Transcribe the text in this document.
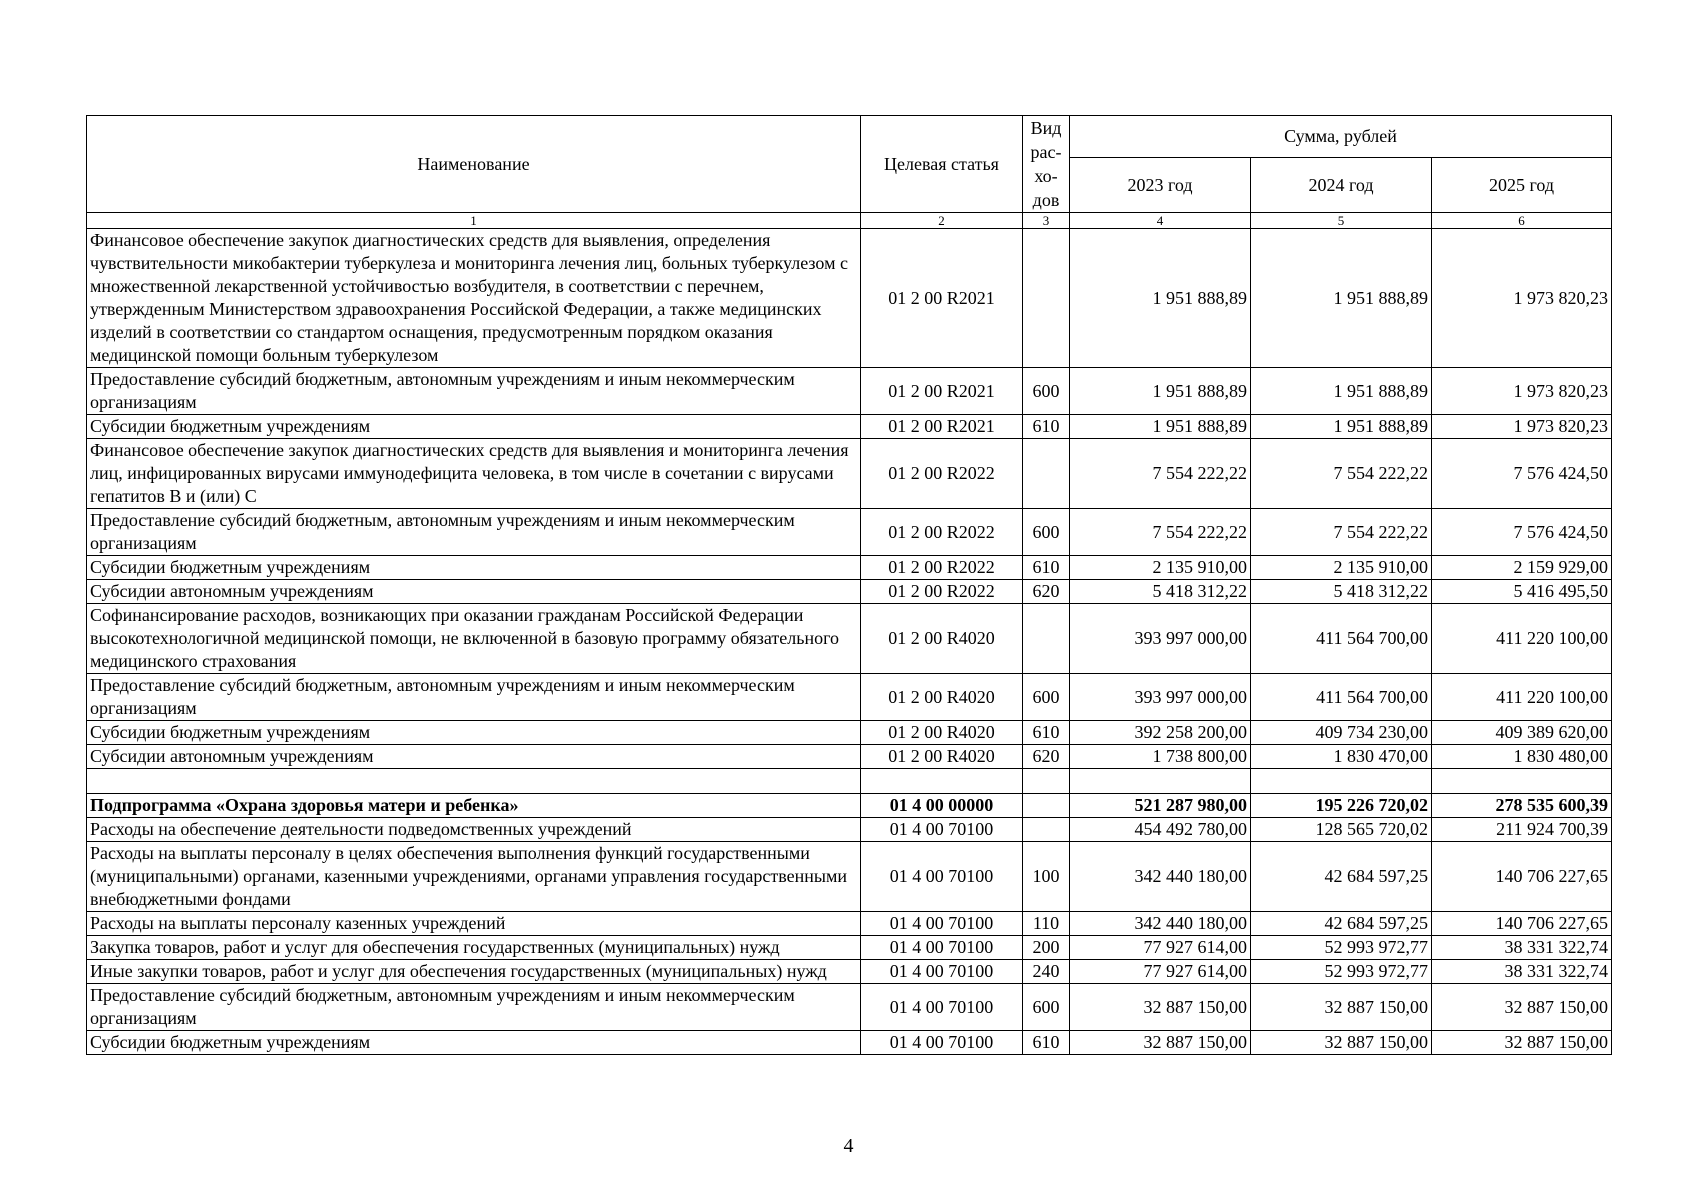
Наименование	Целевая статья	Вид рас-хо-дов	Сумма, рублей		
			2023 год	2024 год	2025 год
1	2	3	4	5	6
Финансовое обеспечение закупок диагностических средств для выявления, определения чувствительности микобактерии туберкулеза и мониторинга лечения лиц, больных туберкулезом с множественной лекарственной устойчивостью возбудителя, в соответствии с перечнем, утвержденным Министерством здравоохранения Российской Федерации, а также медицинских изделий в соответствии со стандартом оснащения, предусмотренным порядком оказания медицинской помощи больным туберкулезом	01 2 00 R2021		1 951 888,89	1 951 888,89	1 973 820,23
Предоставление субсидий бюджетным, автономным учреждениям и иным некоммерческим организациям	01 2 00 R2021	600	1 951 888,89	1 951 888,89	1 973 820,23
Субсидии бюджетным учреждениям	01 2 00 R2021	610	1 951 888,89	1 951 888,89	1 973 820,23
Финансовое обеспечение закупок диагностических средств для выявления и мониторинга лечения лиц, инфицированных вирусами иммунодефицита человека, в том числе в сочетании с вирусами гепатитов B и (или) C	01 2 00 R2022		7 554 222,22	7 554 222,22	7 576 424,50
Предоставление субсидий бюджетным, автономным учреждениям и иным некоммерческим организациям	01 2 00 R2022	600	7 554 222,22	7 554 222,22	7 576 424,50
Субсидии бюджетным учреждениям	01 2 00 R2022	610	2 135 910,00	2 135 910,00	2 159 929,00
Субсидии автономным учреждениям	01 2 00 R2022	620	5 418 312,22	5 418 312,22	5 416 495,50
Софинансирование расходов, возникающих при оказании гражданам Российской Федерации высокотехнологичной медицинской помощи, не включенной в базовую программу обязательного медицинского страхования	01 2 00 R4020		393 997 000,00	411 564 700,00	411 220 100,00
Предоставление субсидий бюджетным, автономным учреждениям и иным некоммерческим организациям	01 2 00 R4020	600	393 997 000,00	411 564 700,00	411 220 100,00
Субсидии бюджетным учреждениям	01 2 00 R4020	610	392 258 200,00	409 734 230,00	409 389 620,00
Субсидии автономным учреждениям	01 2 00 R4020	620	1 738 800,00	1 830 470,00	1 830 480,00

Подпрограмма «Охрана здоровья матери и ребенка»	01 4 00 00000		521 287 980,00	195 226 720,02	278 535 600,39
Расходы на обеспечение деятельности подведомственных учреждений	01 4 00 70100		454 492 780,00	128 565 720,02	211 924 700,39
Расходы на выплаты персоналу в целях обеспечения выполнения функций государственными (муниципальными) органами, казенными учреждениями, органами управления государственными внебюджетными фондами	01 4 00 70100	100	342 440 180,00	42 684 597,25	140 706 227,65
Расходы на выплаты персоналу казенных учреждений	01 4 00 70100	110	342 440 180,00	42 684 597,25	140 706 227,65
Закупка товаров, работ и услуг для обеспечения государственных (муниципальных) нужд	01 4 00 70100	200	77 927 614,00	52 993 972,77	38 331 322,74
Иные закупки товаров, работ и услуг для обеспечения государственных (муниципальных) нужд	01 4 00 70100	240	77 927 614,00	52 993 972,77	38 331 322,74
Предоставление субсидий бюджетным, автономным учреждениям и иным некоммерческим организациям	01 4 00 70100	600	32 887 150,00	32 887 150,00	32 887 150,00
Субсидии бюджетным учреждениям	01 4 00 70100	610	32 887 150,00	32 887 150,00	32 887 150,00
4
